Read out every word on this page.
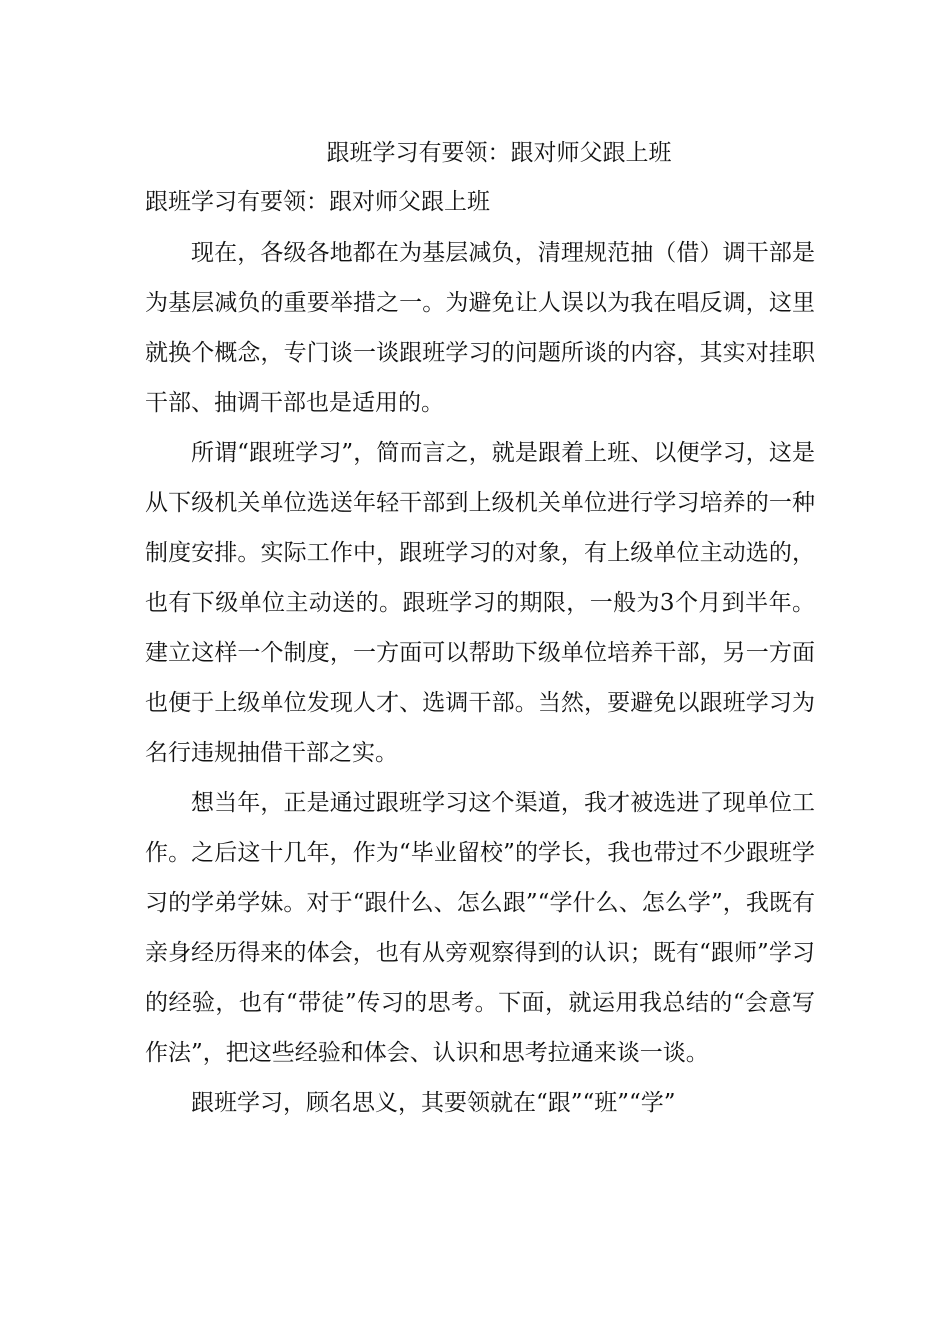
跟班学习有要领：跟对师父跟上班

跟班学习有要领：跟对师父跟上班

现在，各级各地都在为基层减负，清理规范抽（借）调干部是为基层减负的重要举措之一。为避免让人误以为我在唱反调，这里就换个概念，专门谈一谈跟班学习的问题所谈的内容，其实对挂职干部、抽调干部也是适用的。

所谓“跟班学习”，简而言之，就是跟着上班、以便学习，这是从下级机关单位选送年轻干部到上级机关单位进行学习培养的一种制度安排。实际工作中，跟班学习的对象，有上级单位主动选的，也有下级单位主动送的。跟班学习的期限，一般为3个月到半年。建立这样一个制度，一方面可以帮助下级单位培养干部，另一方面也便于上级单位发现人才、选调干部。当然，要避免以跟班学习为名行违规抽借干部之实。

想当年，正是通过跟班学习这个渠道，我才被选进了现单位工作。之后这十几年，作为“毕业留校”的学长，我也带过不少跟班学习的学弟学妹。对于“跟什么、怎么跟”“学什么、怎么学”，我既有亲身经历得来的体会，也有从旁观察得到的认识；既有“跟师”学习的经验，也有“带徒”传习的思考。下面，就运用我总结的“会意写作法”，把这些经验和体会、认识和思考拉通来谈一谈。

跟班学习，顾名思义，其要领就在“跟”“班”“学”
